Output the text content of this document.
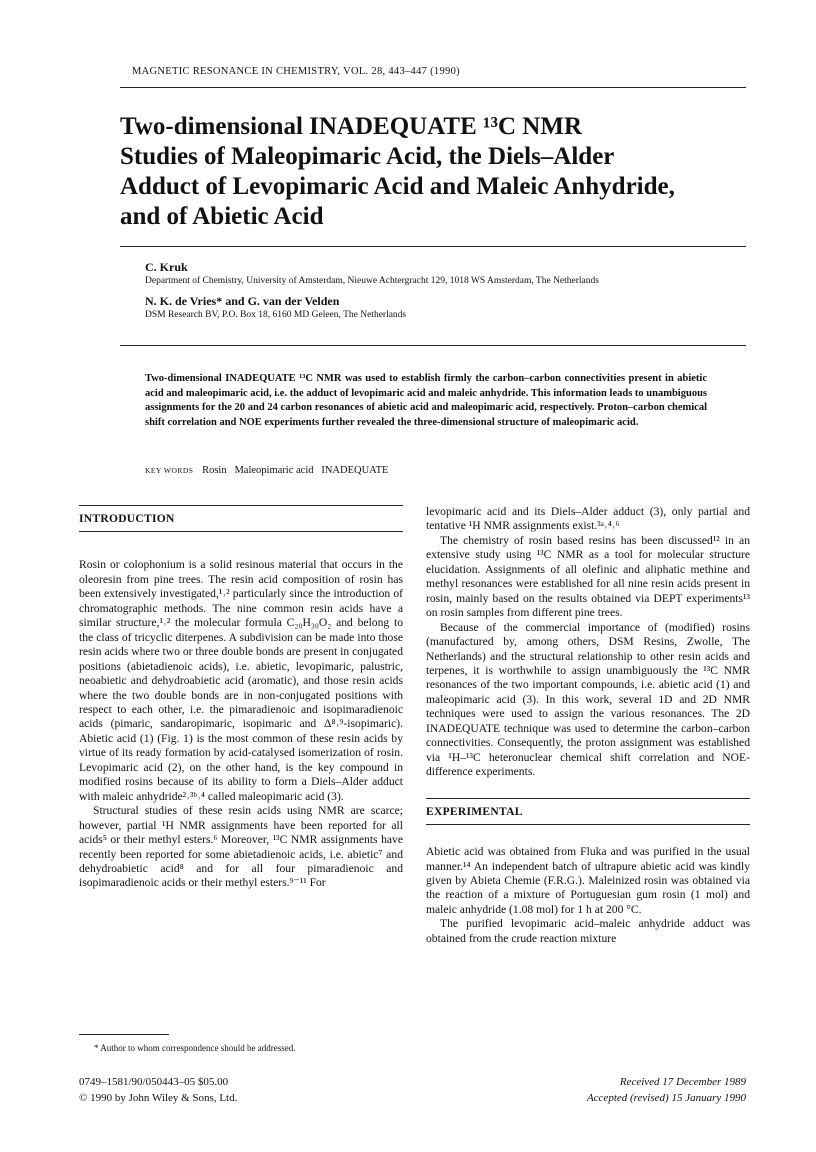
MAGNETIC RESONANCE IN CHEMISTRY, VOL. 28, 443–447 (1990)
Two-dimensional INADEQUATE ¹³C NMR
Studies of Maleopimaric Acid, the Diels–Alder
Adduct of Levopimaric Acid and Maleic Anhydride,
and of Abietic Acid
C. Kruk
Department of Chemistry, University of Amsterdam, Nieuwe Achtergracht 129, 1018 WS Amsterdam, The Netherlands
N. K. de Vries* and G. van der Velden
DSM Research BV, P.O. Box 18, 6160 MD Geleen, The Netherlands

Two-dimensional INADEQUATE ¹³C NMR was used to establish firmly the carbon–carbon connectivities present in abietic acid and maleopimaric acid, i.e. the adduct of levopimaric acid and maleic anhydride. This information leads to unambiguous assignments for the 20 and 24 carbon resonances of abietic acid and maleopimaric acid, respectively. Proton–carbon chemical shift correlation and NOE experiments further revealed the three-dimensional structure of maleopimaric acid.

KEY WORDS Rosin   Maleopimaric acid   INADEQUATE
INTRODUCTION

Rosin or colophonium is a solid resinous material that occurs in the oleoresin from pine trees. The resin acid composition of rosin has been extensively investigated,¹˒² particularly since the introduction of chromatographic methods. The nine common resin acids have a similar structure,¹˒² the molecular formula C₂₀H₃₀O₂ and belong to the class of tricyclic diterpenes. A subdivision can be made into those resin acids where two or three double bonds are present in conjugated positions (abietadienoic acids), i.e. abietic, levopimaric, palustric, neoabietic and dehydroabietic acid (aromatic), and those resin acids where the two double bonds are in non-conjugated positions with respect to each other, i.e. the pimaradienoic and isopimaradienoic acids (pimaric, sandaropimaric, isopimaric and Δ⁸˒⁹-isopimaric). Abietic acid (1) (Fig. 1) is the most common of these resin acids by virtue of its ready formation by acid-catalysed isomerization of rosin. Levopimaric acid (2), on the other hand, is the key compound in modified rosins because of its ability to form a Diels–Alder adduct with maleic anhydride²˒³ᵇ˒⁴ called maleopimaric acid (3).

Structural studies of these resin acids using NMR are scarce; however, partial ¹H NMR assignments have been reported for all acids⁵ or their methyl esters.⁶ Moreover, ¹³C NMR assignments have recently been reported for some abietadienoic acids, i.e. abietic⁷ and dehydroabietic acid⁸ and for all four pimaradienoic and isopimaradienoic acids or their methyl esters.⁹⁻¹¹ For

levopimaric acid and its Diels–Alder adduct (3), only partial and tentative ¹H NMR assignments exist.³ᵃ˒⁴˒⁶

The chemistry of rosin based resins has been discussed¹² in an extensive study using ¹³C NMR as a tool for molecular structure elucidation. Assignments of all olefinic and aliphatic methine and methyl resonances were established for all nine resin acids present in rosin, mainly based on the results obtained via DEPT experiments¹³ on rosin samples from different pine trees.

Because of the commercial importance of (modified) rosins (manufactured by, among others, DSM Resins, Zwolle, The Netherlands) and the structural relationship to other resin acids and terpenes, it is worthwhile to assign unambiguously the ¹³C NMR resonances of the two important compounds, i.e. abietic acid (1) and maleopimaric acid (3). In this work, several 1D and 2D NMR techniques were used to assign the various resonances. The 2D INADEQUATE technique was used to determine the carbon–carbon connectivities. Consequently, the proton assignment was established via ¹H–¹³C heteronuclear chemical shift correlation and NOE-difference experiments.

EXPERIMENTAL

Abietic acid was obtained from Fluka and was purified in the usual manner.¹⁴ An independent batch of ultrapure abietic acid was kindly given by Abieta Chemie (F.R.G.). Maleinized rosin was obtained via the reaction of a mixture of Portuguesian gum rosin (1 mol) and maleic anhydride (1.08 mol) for 1 h at 200 °C.

The purified levopimaric acid–maleic anhydride adduct was obtained from the crude reaction mixture

* Author to whom correspondence should be addressed.
0749–1581/90/050443–05 $05.00
© 1990 by John Wiley & Sons, Ltd.
Received 17 December 1989
Accepted (revised) 15 January 1990
